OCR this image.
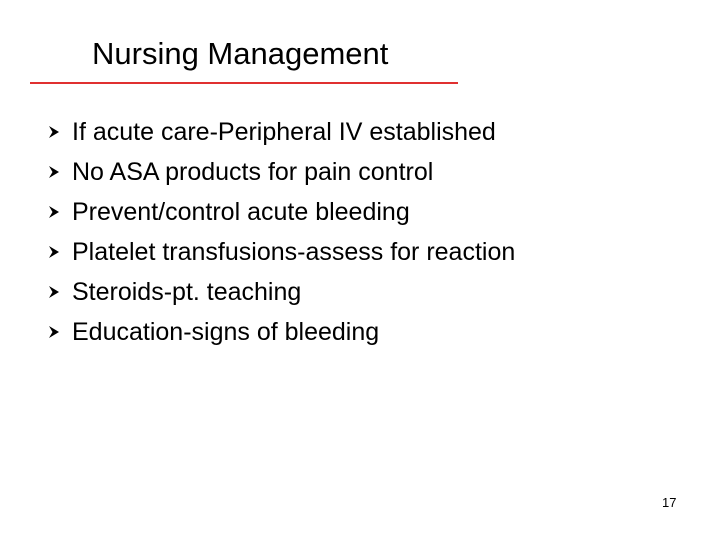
Nursing Management
If acute care-Peripheral IV established
No ASA products for pain control
Prevent/control acute bleeding
Platelet transfusions-assess for reaction
Steroids-pt. teaching
Education-signs of bleeding
17
